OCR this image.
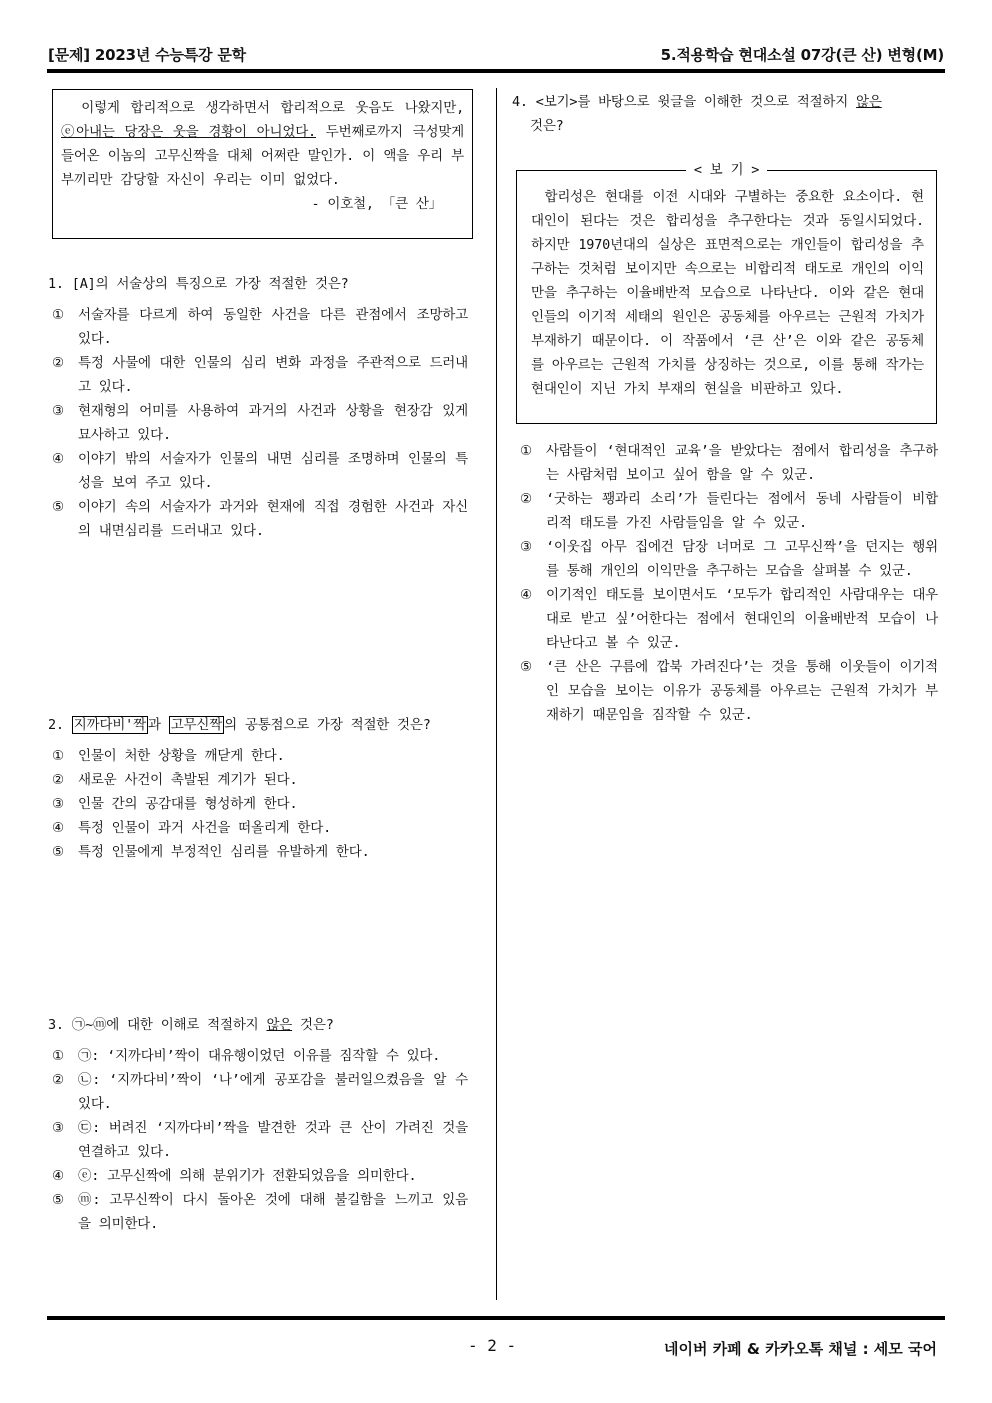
[문제] 2023년 수능특강 문학	5.적용학습 현대소설 07강(큰 산) 변형(M)
이렇게 합리적으로 생각하면서 합리적으로 웃음도 나왔지만, ⓔ아내는 당장은 웃을 경황이 아니었다. 두번째로까지 극성맞게 들어온 이놈의 고무신짝을 대체 어쩌란 말인가. 이 액을 우리 부부끼리만 감당할 자신이 우리는 이미 없었다.
- 이호철, 「큰 산」
1. [A]의 서술상의 특징으로 가장 적절한 것은?
①	서술자를 다르게 하여 동일한 사건을 다른 관점에서 조망하고 있다.
②	특정 사물에 대한 인물의 심리 변화 과정을 주관적으로 드러내고 있다.
③	현재형의 어미를 사용하여 과거의 사건과 상황을 현장감 있게 묘사하고 있다.
④	이야기 밖의 서술자가 인물의 내면 심리를 조명하며 인물의 특성을 보여 주고 있다.
⑤	이야기 속의 서술자가 과거와 현재에 직접 경험한 사건과 자신의 내면심리를 드러내고 있다.
2. 지까다비'짝 과 고무신짝 의 공통점으로 가장 적절한 것은?
①	인물이 처한 상황을 깨닫게 한다.
②	새로운 사건이 촉발된 계기가 된다.
③	인물 간의 공감대를 형성하게 한다.
④	특정 인물이 과거 사건을 떠올리게 한다.
⑤	특정 인물에게 부정적인 심리를 유발하게 한다.
3. ㉠~ⓜ에 대한 이해로 적절하지 않은 것은?
①	㉠: ‘지까다비’짝이 대유행이었던 이유를 짐작할 수 있다.
②	㉡: ‘지까다비’짝이 ‘나’에게 공포감을 불러일으켰음을 알 수 있다.
③	㉢: 버려진 ‘지까다비’짝을 발견한 것과 큰 산이 가려진 것을 연결하고 있다.
④	ⓔ: 고무신짝에 의해 분위기가 전환되었음을 의미한다.
⑤	ⓜ: 고무신짝이 다시 돌아온 것에 대해 불길함을 느끼고 있음을 의미한다.
4. <보기>를 바탕으로 윗글을 이해한 것으로 적절하지 않은
것은?
< 보 기 >
합리성은 현대를 이전 시대와 구별하는 중요한 요소이다. 현대인이 된다는 것은 합리성을 추구한다는 것과 동일시되었다. 하지만 1970년대의 실상은 표면적으로는 개인들이 합리성을 추구하는 것처럼 보이지만 속으로는 비합리적 태도로 개인의 이익만을 추구하는 이율배반적 모습으로 나타난다. 이와 같은 현대인들의 이기적 세태의 원인은 공동체를 아우르는 근원적 가치가 부재하기 때문이다. 이 작품에서 ‘큰 산’은 이와 같은 공동체를 아우르는 근원적 가치를 상징하는 것으로, 이를 통해 작가는 현대인이 지닌 가치 부재의 현실을 비판하고 있다.
①	사람들이 ‘현대적인 교육’을 받았다는 점에서 합리성을 추구하는 사람처럼 보이고 싶어 함을 알 수 있군.
②	‘굿하는 꽹과리 소리’가 들린다는 점에서 동네 사람들이 비합리적 태도를 가진 사람들임을 알 수 있군.
③	‘이웃집 아무 집에건 담장 너머로 그 고무신짝’을 던지는 행위를 통해 개인의 이익만을 추구하는 모습을 살펴볼 수 있군.
④	이기적인 태도를 보이면서도 ‘모두가 합리적인 사람대우는 대우대로 받고 싶’어한다는 점에서 현대인의 이율배반적 모습이 나타난다고 볼 수 있군.
⑤	‘큰 산은 구름에 깝북 가려진다’는 것을 통해 이웃들이 이기적인 모습을 보이는 이유가 공동체를 아우르는 근원적 가치가 부재하기 때문임을 짐작할 수 있군.
- 2 -	네이버 카페 & 카카오톡 채널 : 세모 국어
